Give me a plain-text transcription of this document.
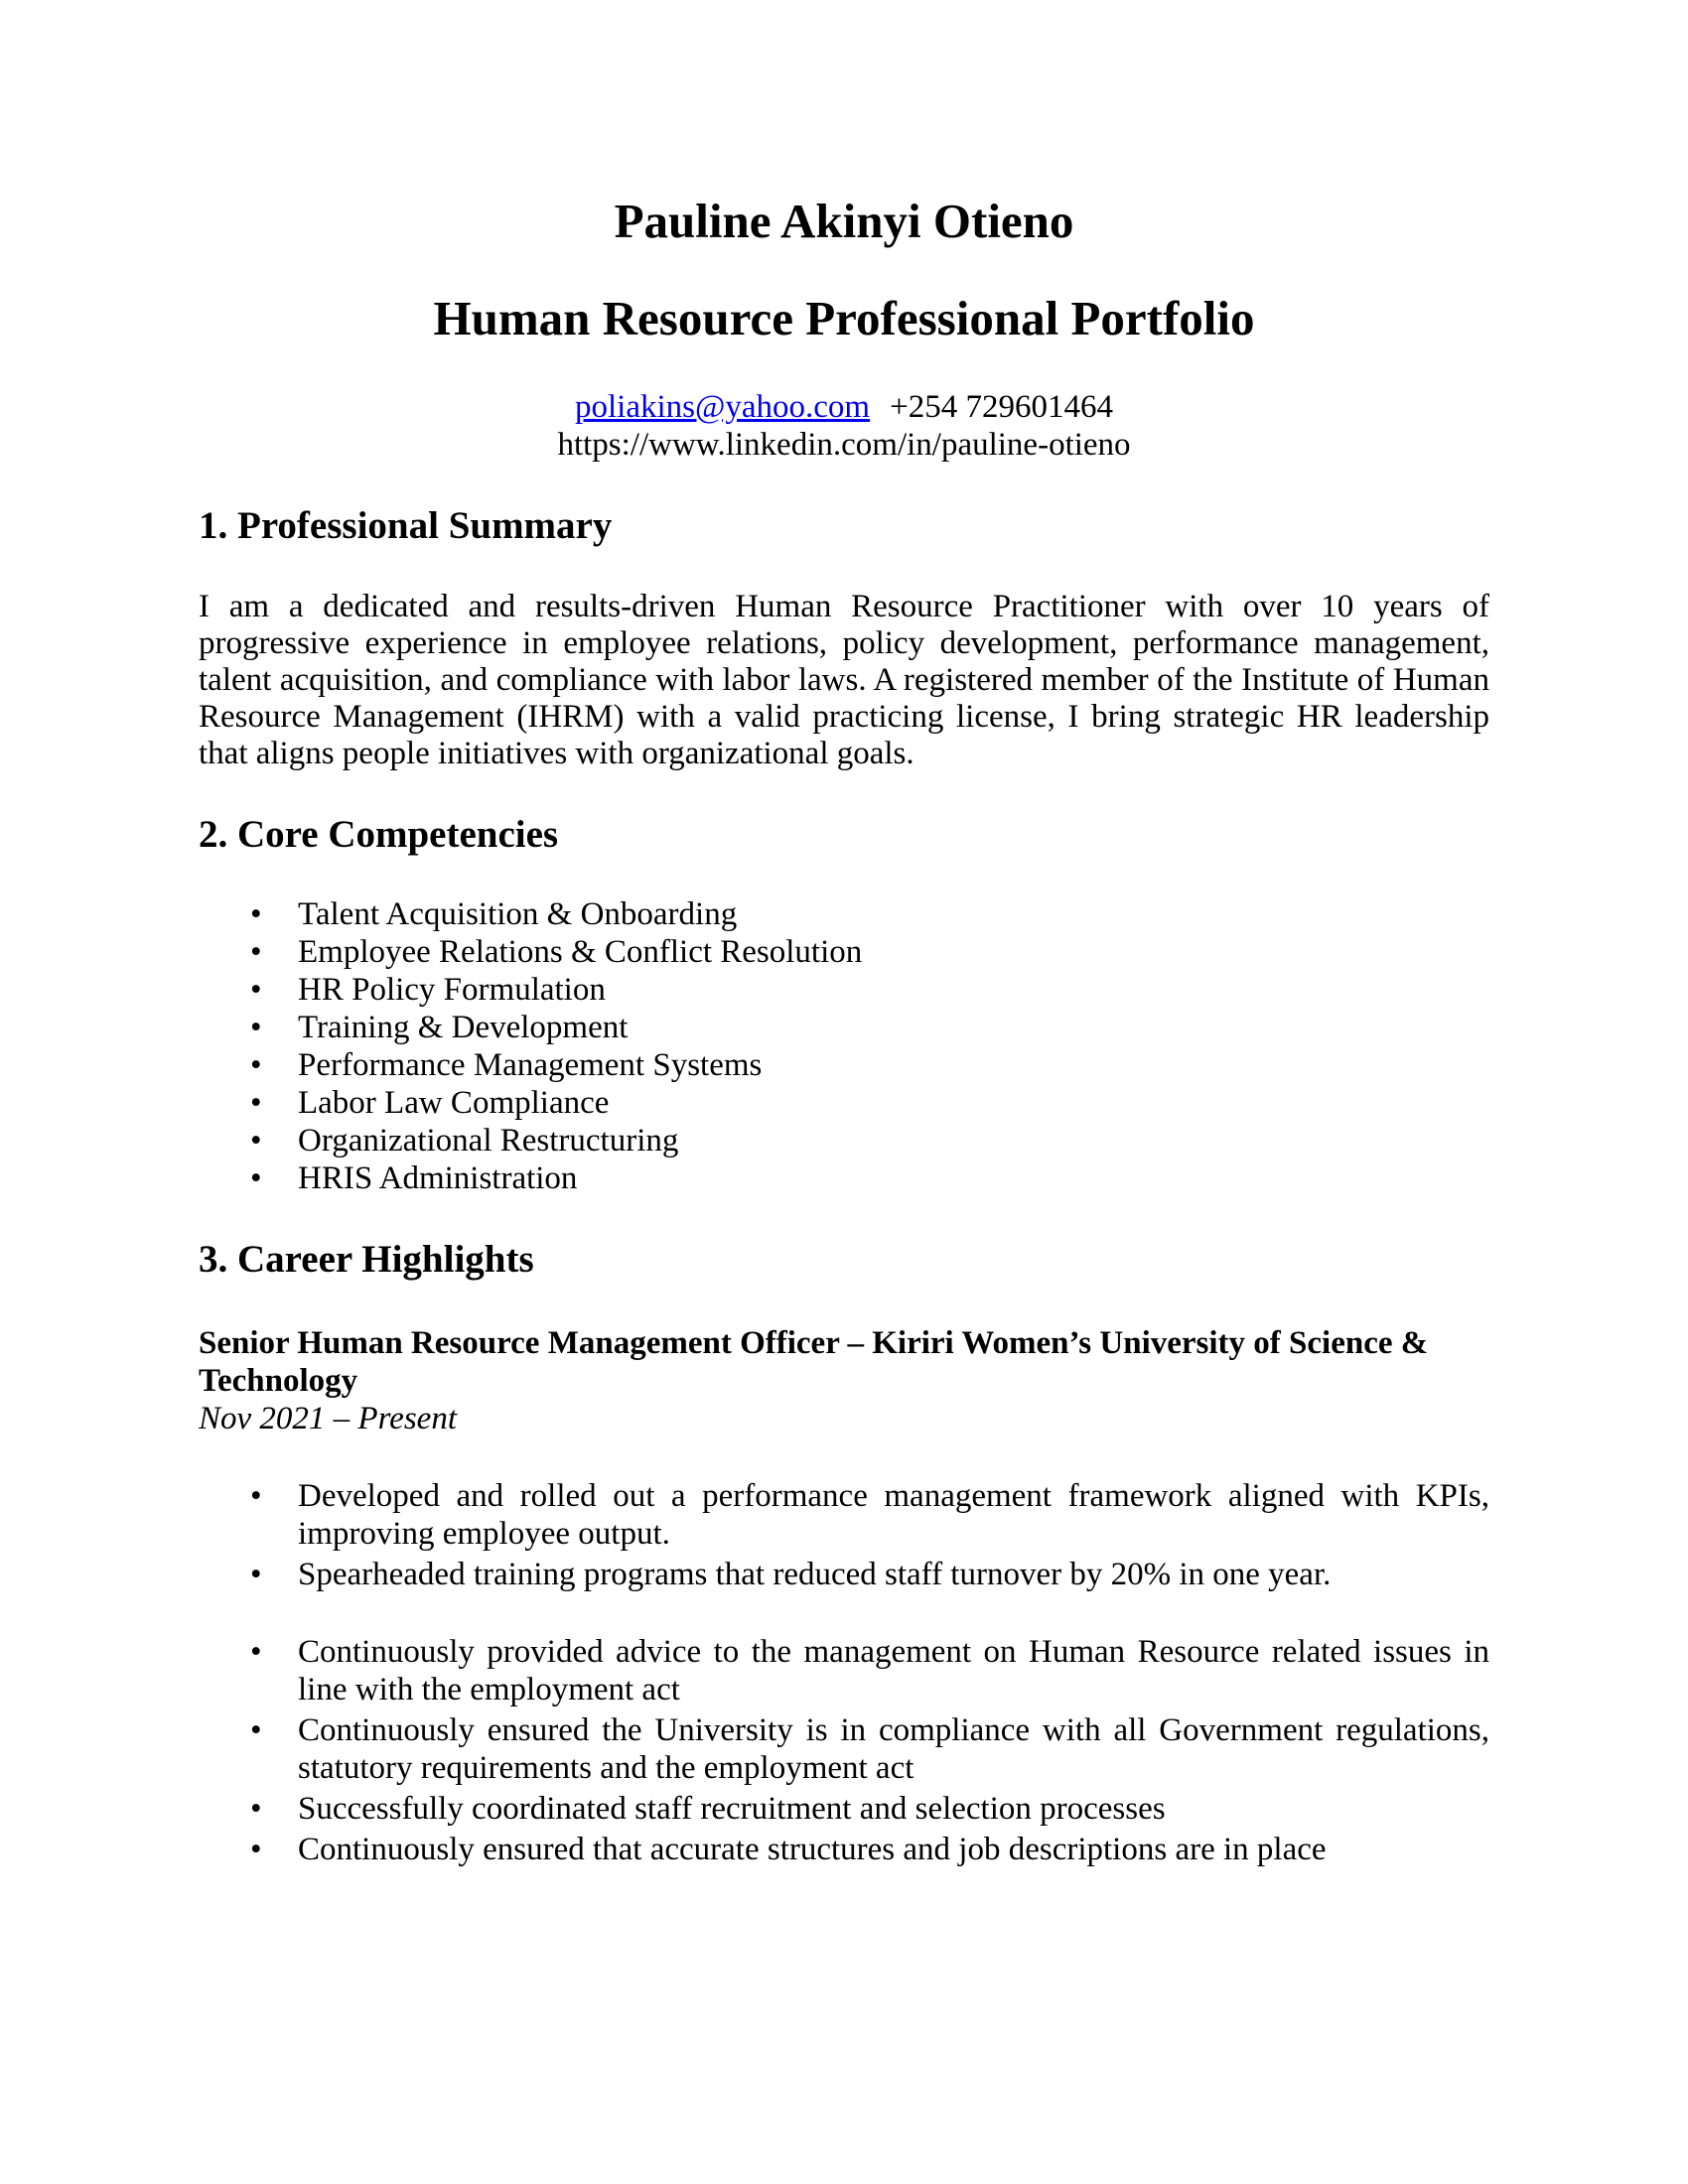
Pauline Akinyi Otieno
Human Resource Professional Portfolio
poliakins@yahoo.com +254 729601464
https://www.linkedin.com/in/pauline-otieno
1. Professional Summary

I am a dedicated and results-driven Human Resource Practitioner with over 10 years of progressive experience in employee relations, policy development, performance management, talent acquisition, and compliance with labor laws. A registered member of the Institute of Human Resource Management (IHRM) with a valid practicing license, I bring strategic HR leadership that aligns people initiatives with organizational goals.

2. Core Competencies
• Talent Acquisition & Onboarding
• Employee Relations & Conflict Resolution
• HR Policy Formulation
• Training & Development
• Performance Management Systems
• Labor Law Compliance
• Organizational Restructuring
• HRIS Administration
3. Career Highlights

Senior Human Resource Management Officer – Kiriri Women’s University of Science & Technology

Nov 2021 – Present

• Developed and rolled out a performance management framework aligned with KPIs, improving employee output.
• Spearheaded training programs that reduced staff turnover by 20% in one year.
• Continuously provided advice to the management on Human Resource related issues in line with the employment act
• Continuously ensured the University is in compliance with all Government regulations, statutory requirements and the employment act
• Successfully coordinated staff recruitment and selection processes
• Continuously ensured that accurate structures and job descriptions are in place
